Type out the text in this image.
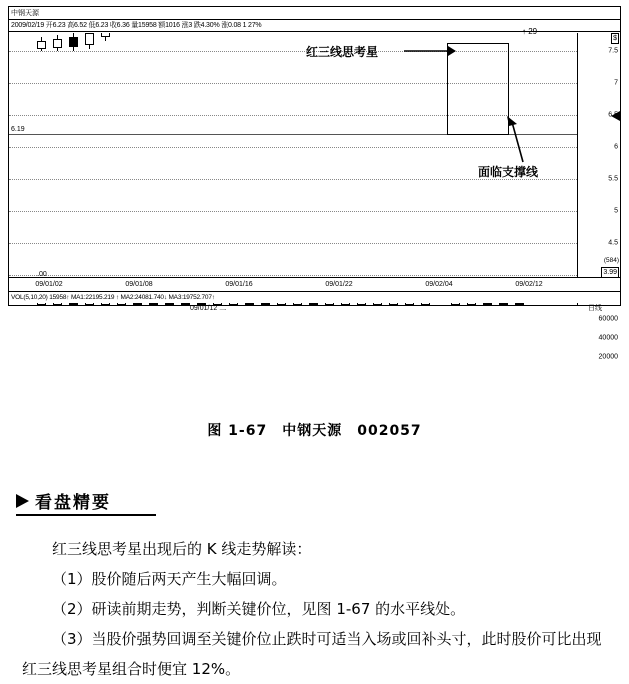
中钢天源
2009/02/19 开6.23 高6.52 低6.23 收6.36 量15958 额1016 涨3 跌4.30% 涨0.08 1 27%
6.19
.00
$
7.5
7
6.5
6
5.5
5
4.5
(584)
3.99
09/01/02	09/01/08	09/01/16	09/01/22	09/02/04	09/02/12
VOL(5,10,20) 15958↑ MA1:22195.219 ↑ MA2:24081.740↓ MA3:19752.707↑
60000
40000
20000
09/01/12 二	日线
红三线思考星
面临支撑线
↑ 29
图 1-67　中钢天源　002057
看盘精要

红三线思考星出现后的 K 线走势解读：

（1）股价随后两天产生大幅回调。

（2）研读前期走势，判断关键价位，见图 1-67 的水平线处。

（3）当股价强势回调至关键价位止跌时可适当入场或回补头寸，此时股价可比出现红三线思考星组合时便宜 12%。
